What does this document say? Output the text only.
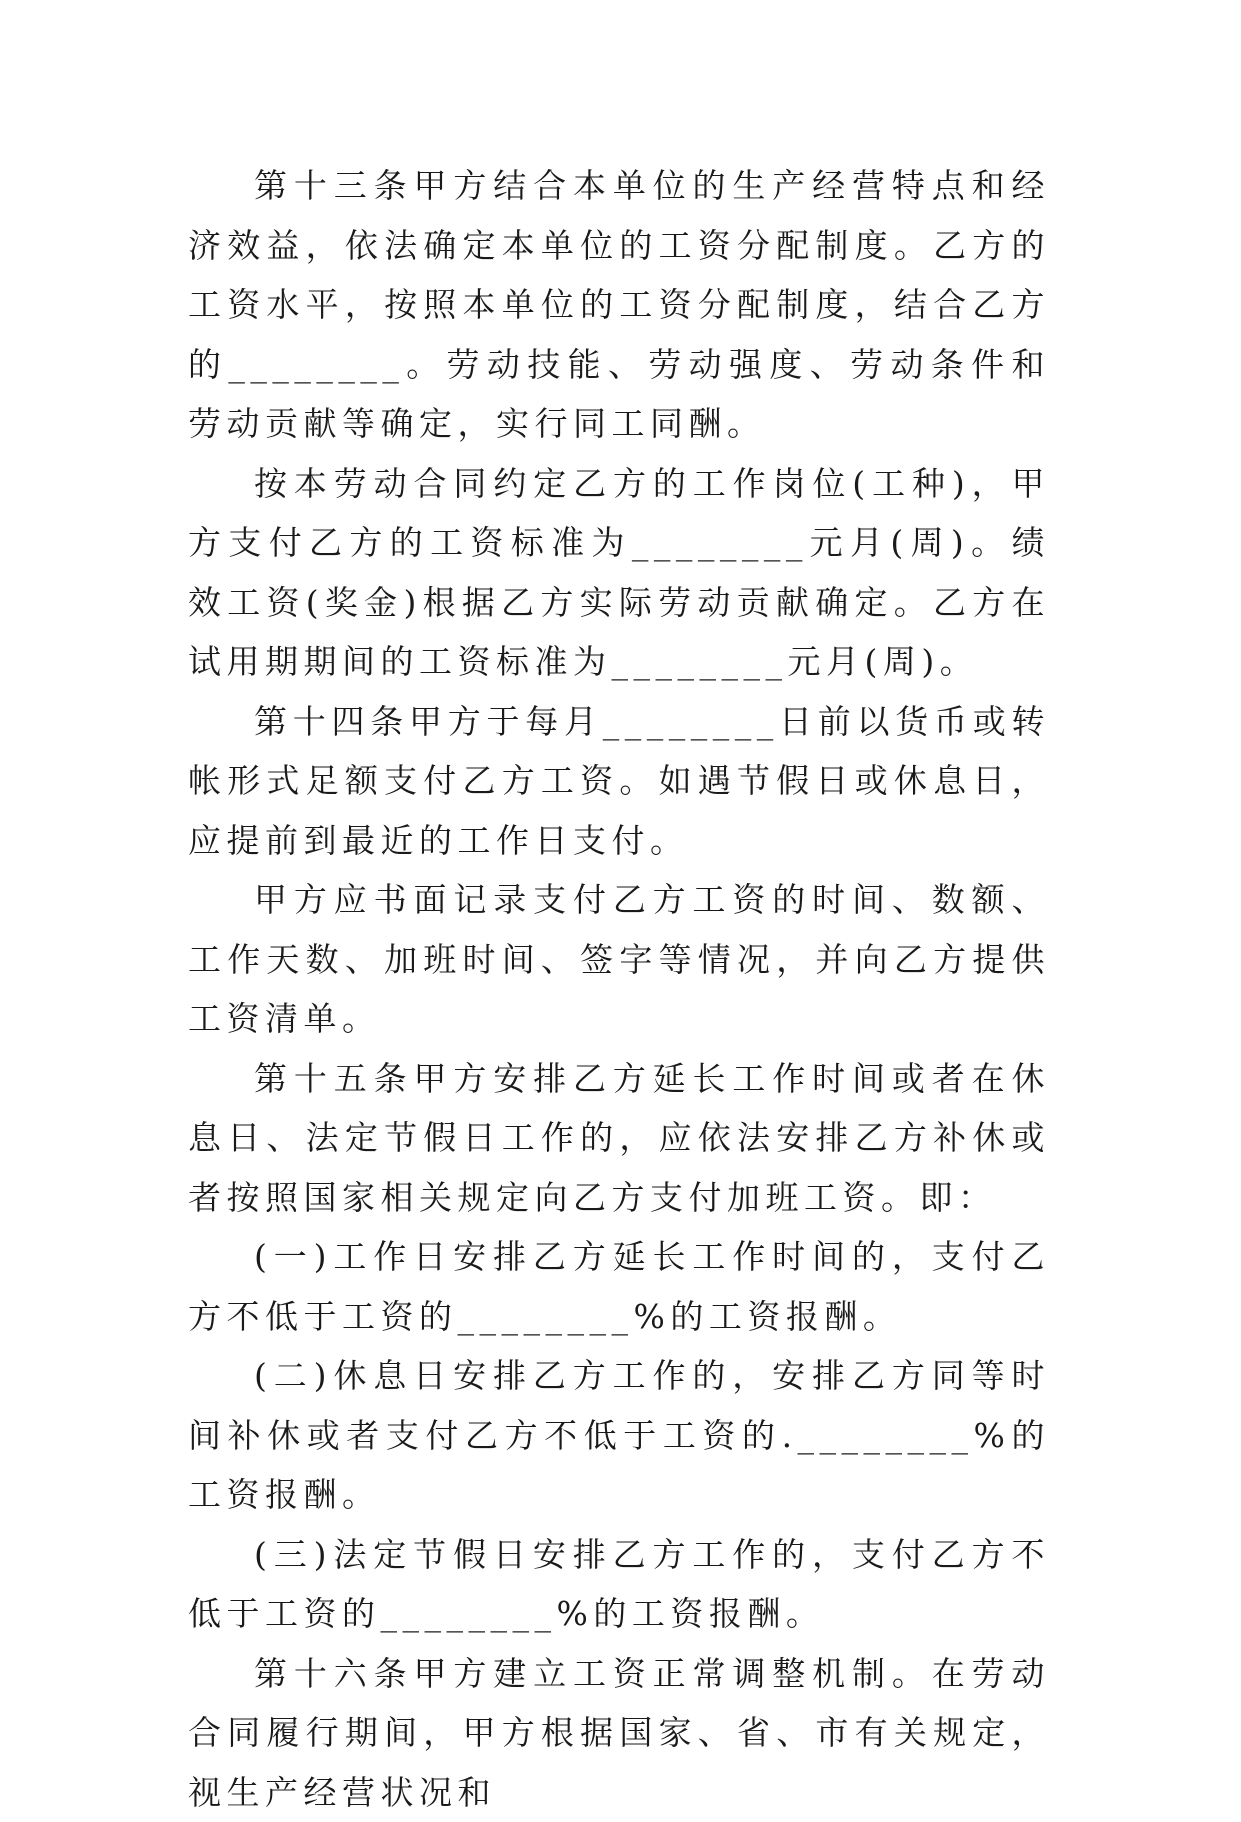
第十三条甲方结合本单位的生产经营特点和经济效益，依法确定本单位的工资分配制度。乙方的工资水平，按照本单位的工资分配制度，结合乙方的________。劳动技能、劳动强度、劳动条件和劳动贡献等确定，实行同工同酬。

按本劳动合同约定乙方的工作岗位(工种)，甲方支付乙方的工资标准为________元月(周)。绩效工资(奖金)根据乙方实际劳动贡献确定。乙方在试用期期间的工资标准为________元月(周)。

第十四条甲方于每月________日前以货币或转帐形式足额支付乙方工资。如遇节假日或休息日，应提前到最近的工作日支付。

甲方应书面记录支付乙方工资的时间、数额、工作天数、加班时间、签字等情况，并向乙方提供工资清单。

第十五条甲方安排乙方延长工作时间或者在休息日、法定节假日工作的，应依法安排乙方补休或者按照国家相关规定向乙方支付加班工资。即：

(一)工作日安排乙方延长工作时间的，支付乙方不低于工资的________%的工资报酬。

(二)休息日安排乙方工作的，安排乙方同等时间补休或者支付乙方不低于工资的.________%的工资报酬。

(三)法定节假日安排乙方工作的，支付乙方不低于工资的________%的工资报酬。

第十六条甲方建立工资正常调整机制。在劳动合同履行期间，甲方根据国家、省、市有关规定，视生产经营状况和
